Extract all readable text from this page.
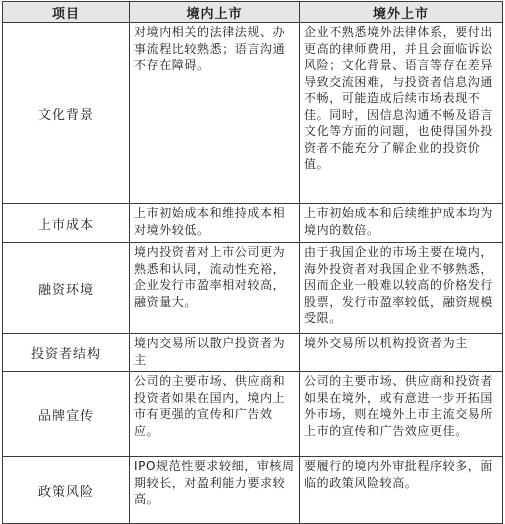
项目	境内上市	境外上市
文化背景	对境内相关的法律法规、办事流程比较熟悉；语言沟通不存在障碍。	企业不熟悉境外法律体系，要付出更高的律师费用，并且会面临诉讼风险；文化背景、语言等存在差异导致交流困难，与投资者信息沟通不畅，可能造成后续市场表现不佳。同时，因信息沟通不畅及语言文化等方面的问题，也使得国外投资者不能充分了解企业的投资价值。

上市成本	上市初始成本和维持成本相对境外较低。	上市初始成本和后续维护成本均为境内的数倍。

融资环境	境内投资者对上市公司更为熟悉和认同，流动性充裕，企业发行市盈率相对较高，融资量大。	由于我国企业的市场主要在境内，海外投资者对我国企业不够熟悉，因而企业一般难以较高的价格发行股票，发行市盈率较低，融资规模受限。

投资者结构	境内交易所以散户投资者为主	境外交易所以机构投资者为主

品牌宣传	公司的主要市场、供应商和投资者如果在国内，境内上市有更强的宣传和广告效应。	公司的主要市场、供应商和投资者如果在境外，或有意进一步开拓国外市场，则在境外上市主流交易所上市的宣传和广告效应更佳。

政策风险	IPO规范性要求较细，审核周期较长，对盈利能力要求较高。	要履行的境内外审批程序较多，面临的政策风险较高。
